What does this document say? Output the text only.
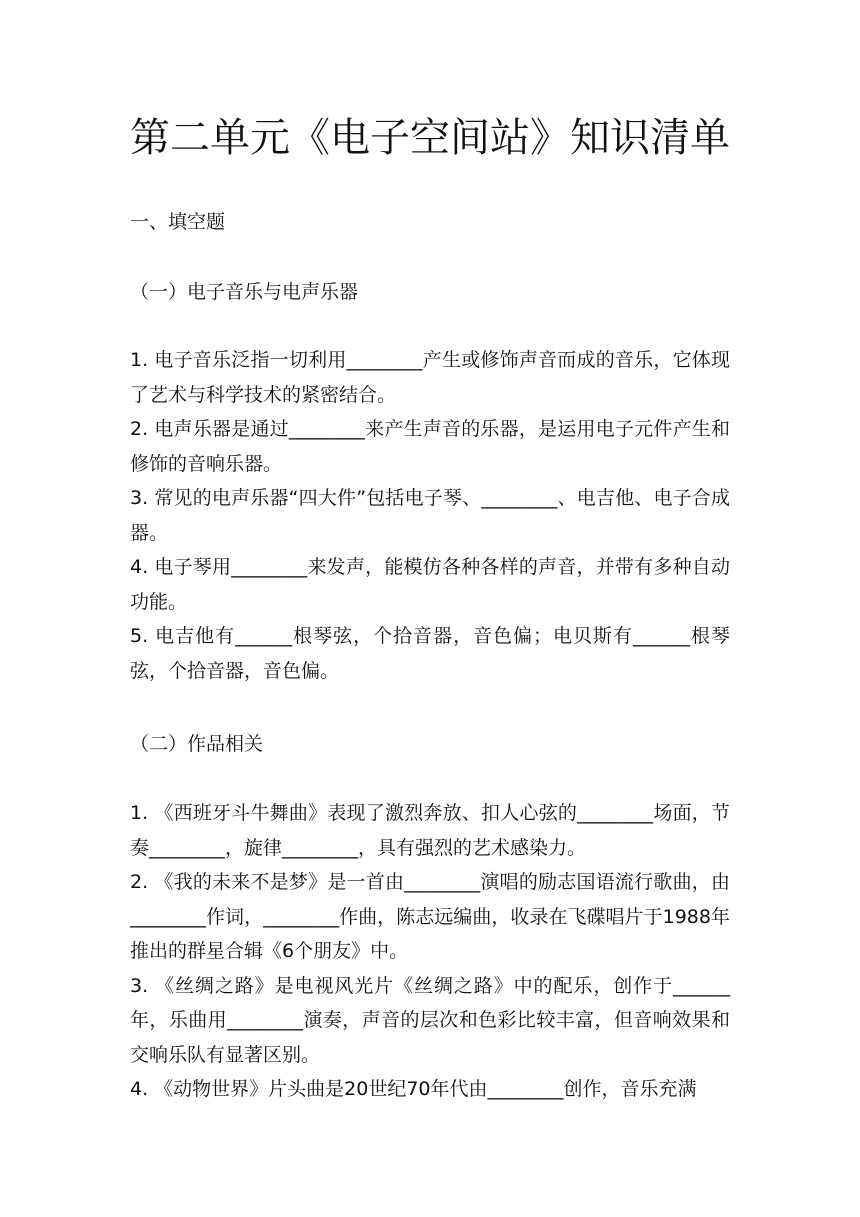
第二单元《电子空间站》知识清单
一、填空题
（一）电子音乐与电声乐器

1. 电子音乐泛指一切利用________产生或修饰声音而成的音乐，它体现了艺术与科学技术的紧密结合。

2. 电声乐器是通过________来产生声音的乐器，是运用电子元件产生和修饰的音响乐器。

3. 常见的电声乐器“四大件”包括电子琴、________、电吉他、电子合成器。

4. 电子琴用________来发声，能模仿各种各样的声音，并带有多种自动功能。

5. 电吉他有______根琴弦，个拾音器，音色偏；电贝斯有______根琴弦，个拾音器，音色偏。

（二）作品相关

1. 《西班牙斗牛舞曲》表现了激烈奔放、扣人心弦的________场面，节奏________，旋律________，具有强烈的艺术感染力。

2. 《我的未来不是梦》是一首由________演唱的励志国语流行歌曲，由________作词，________作曲，陈志远编曲，收录在飞碟唱片于1988年推出的群星合辑《6个朋友》中。

3. 《丝绸之路》是电视风光片《丝绸之路》中的配乐，创作于______年，乐曲用________演奏，声音的层次和色彩比较丰富，但音响效果和交响乐队有显著区别。

4. 《动物世界》片头曲是20世纪70年代由________创作，音乐充满
